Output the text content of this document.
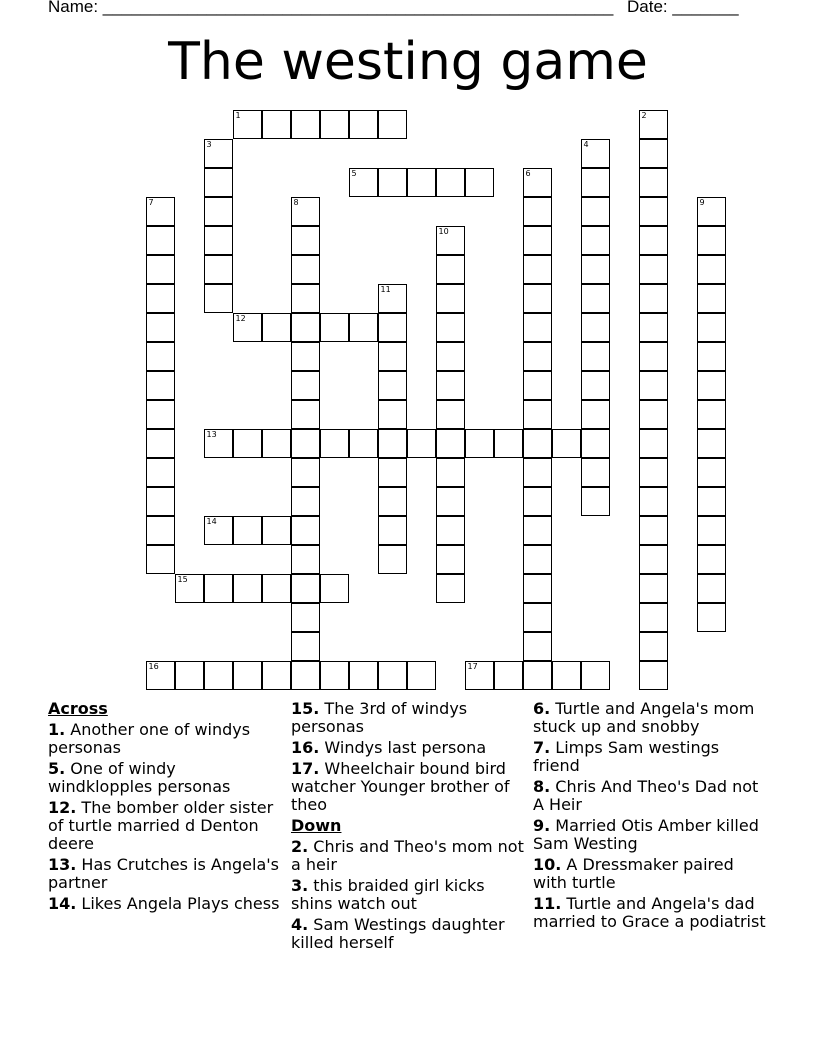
Name: ______________________________________________________ Date: _______
The westing game
1	2
3	4
5	6
7	8	9
10
11
12
13
14
15
16	17
Across
1. Another one of windys personas
5. One of windy windklopples personas
12. The bomber older sister of turtle married d Denton deere
13. Has Crutches is Angela's partner
14. Likes Angela Plays chess
15. The 3rd of windys personas
16. Windys last persona
17. Wheelchair bound bird watcher Younger brother of theo
Down
2. Chris and Theo's mom not a heir
3. this braided girl kicks shins watch out
4. Sam Westings daughter killed herself
6. Turtle and Angela's mom stuck up and snobby
7. Limps Sam westings friend
8. Chris And Theo's Dad not A Heir
9. Married Otis Amber killed Sam Westing
10. A Dressmaker paired with turtle
11. Turtle and Angela's dad married to Grace a podiatrist
